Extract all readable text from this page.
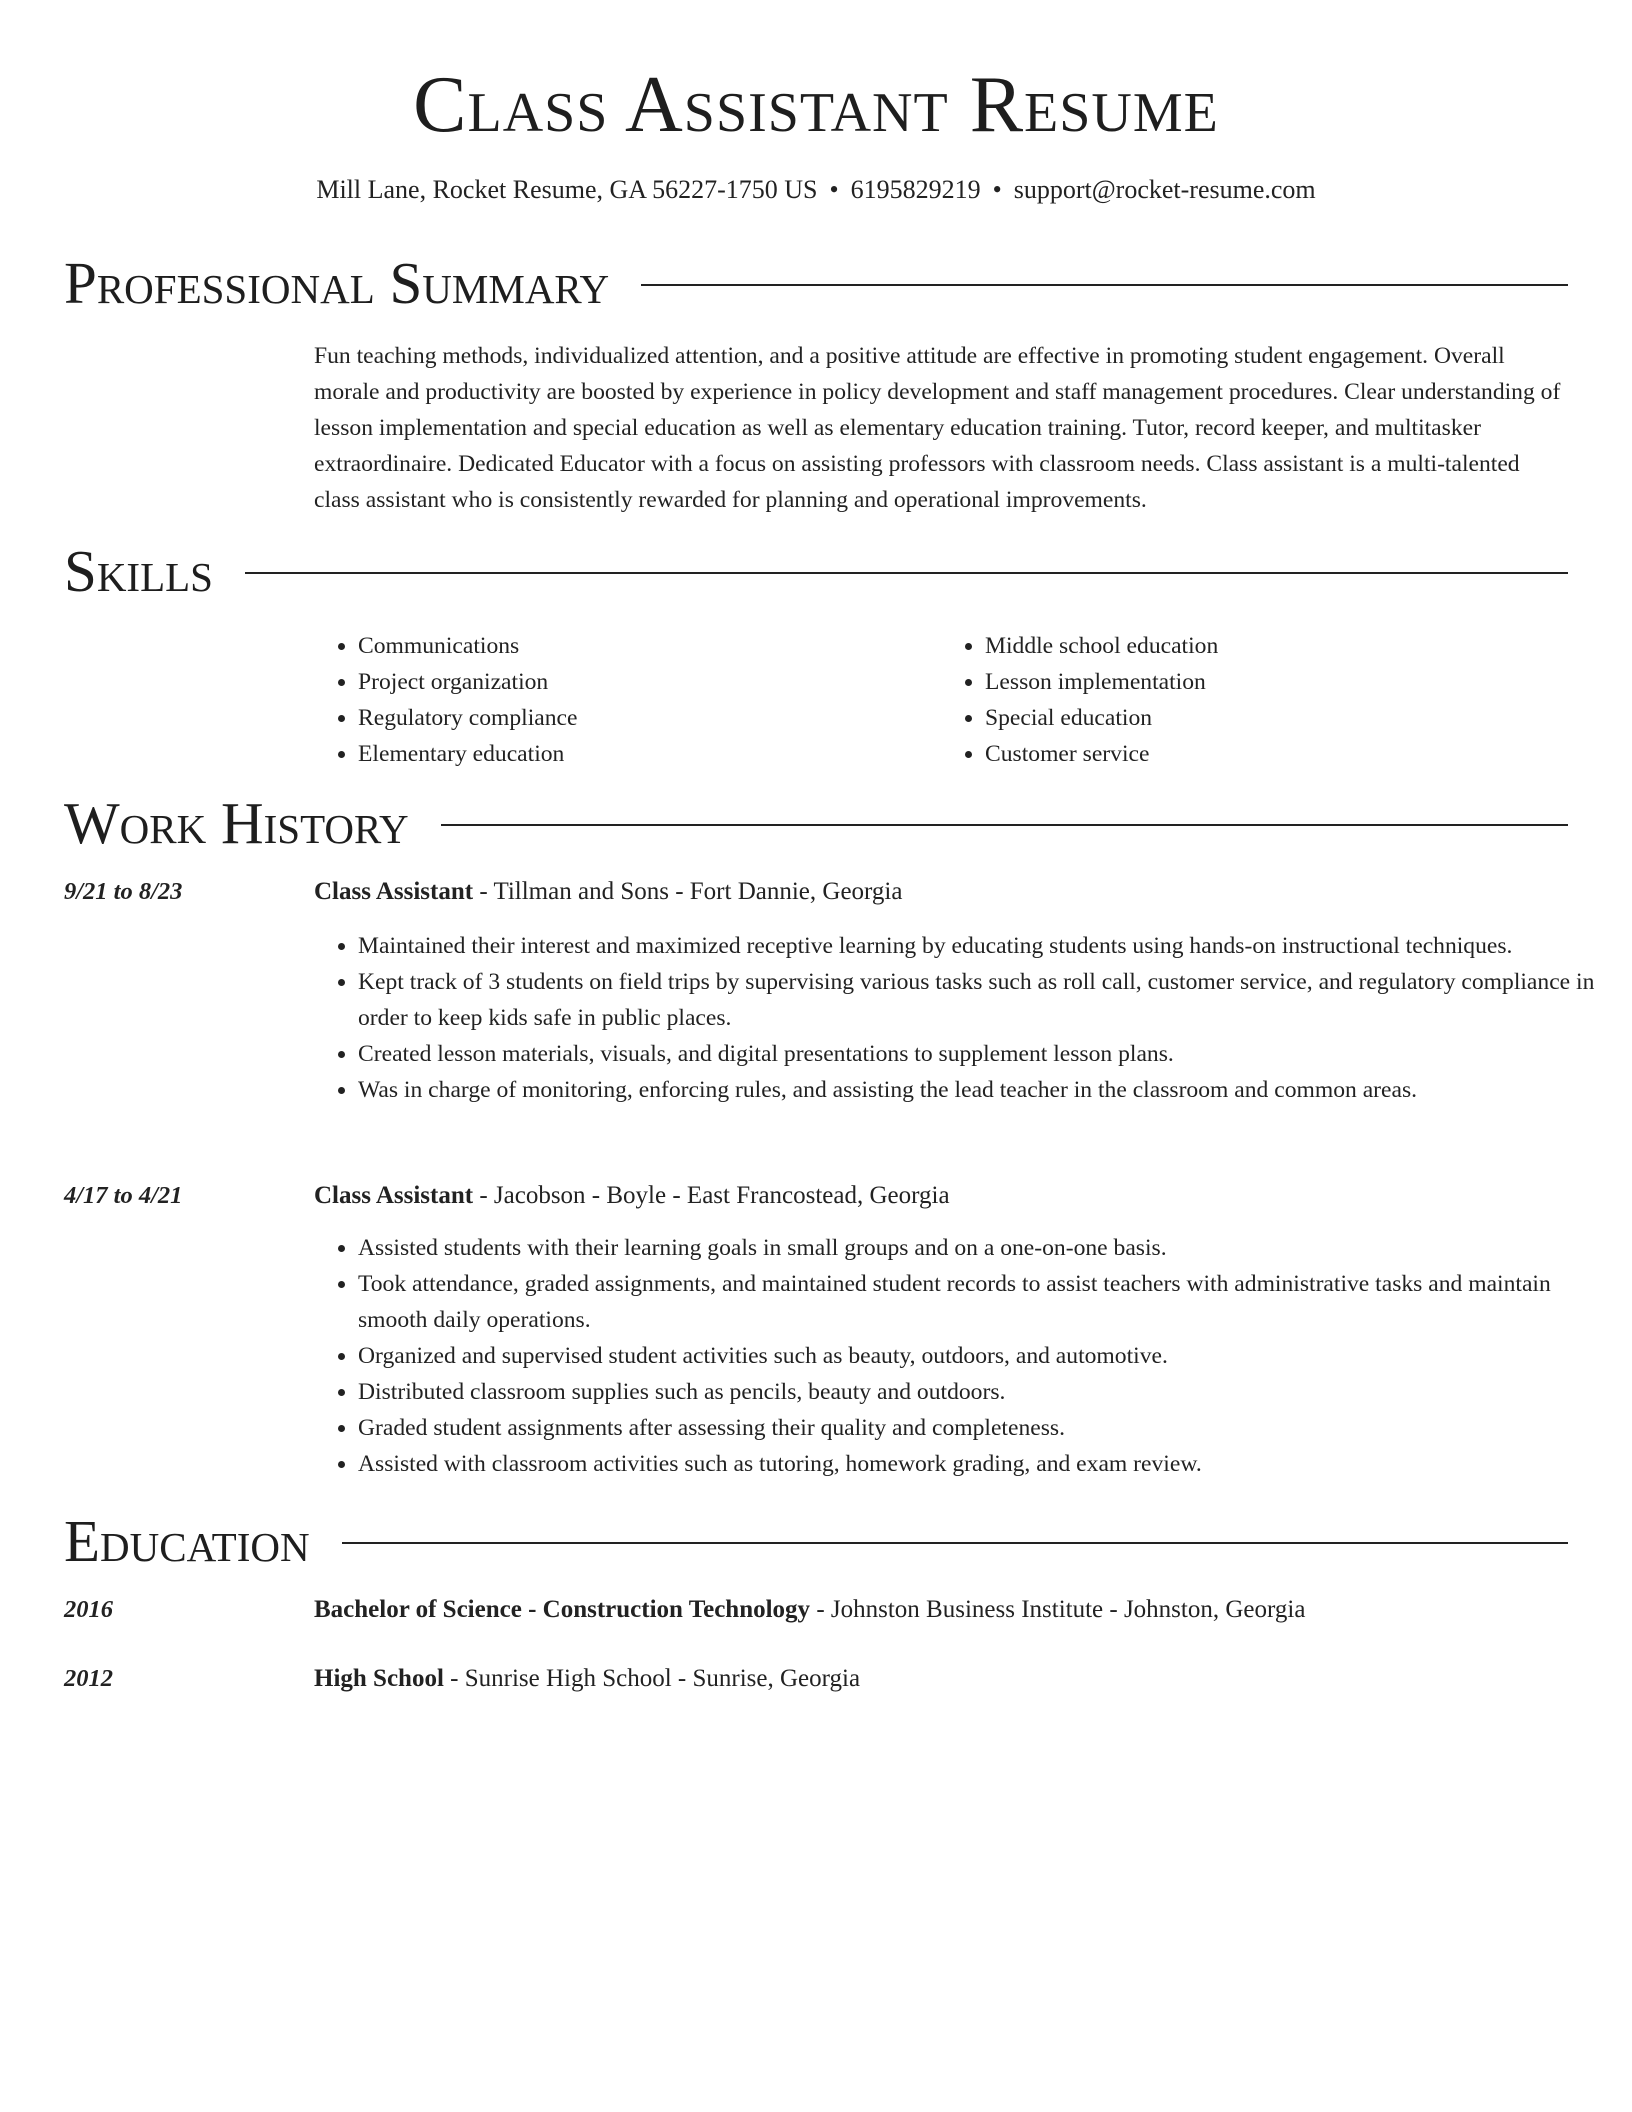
Class Assistant Resume
Mill Lane, Rocket Resume, GA 56227-1750 US • 6195829219 • support@rocket-resume.com
Professional Summary

Fun teaching methods, individualized attention, and a positive attitude are effective in promoting student engagement. Overall morale and productivity are boosted by experience in policy development and staff management procedures. Clear understanding of lesson implementation and special education as well as elementary education training. Tutor, record keeper, and multitasker extraordinaire. Dedicated Educator with a focus on assisting professors with classroom needs. Class assistant is a multi-talented class assistant who is consistently rewarded for planning and operational improvements.

Skills
• Communications
• Project organization
• Regulatory compliance
• Elementary education
• Middle school education
• Lesson implementation
• Special education
• Customer service
Work History
9/21 to 8/23	Class Assistant - Tillman and Sons - Fort Dannie, Georgia
• Maintained their interest and maximized receptive learning by educating students using hands-on instructional techniques.
• Kept track of 3 students on field trips by supervising various tasks such as roll call, customer service, and regulatory compliance in order to keep kids safe in public places.
• Created lesson materials, visuals, and digital presentations to supplement lesson plans.
• Was in charge of monitoring, enforcing rules, and assisting the lead teacher in the classroom and common areas.
4/17 to 4/21	Class Assistant - Jacobson - Boyle - East Francostead, Georgia
• Assisted students with their learning goals in small groups and on a one-on-one basis.
• Took attendance, graded assignments, and maintained student records to assist teachers with administrative tasks and maintain smooth daily operations.
• Organized and supervised student activities such as beauty, outdoors, and automotive.
• Distributed classroom supplies such as pencils, beauty and outdoors.
• Graded student assignments after assessing their quality and completeness.
• Assisted with classroom activities such as tutoring, homework grading, and exam review.
Education
2016	Bachelor of Science - Construction Technology - Johnston Business Institute - Johnston, Georgia
2012	High School - Sunrise High School - Sunrise, Georgia
